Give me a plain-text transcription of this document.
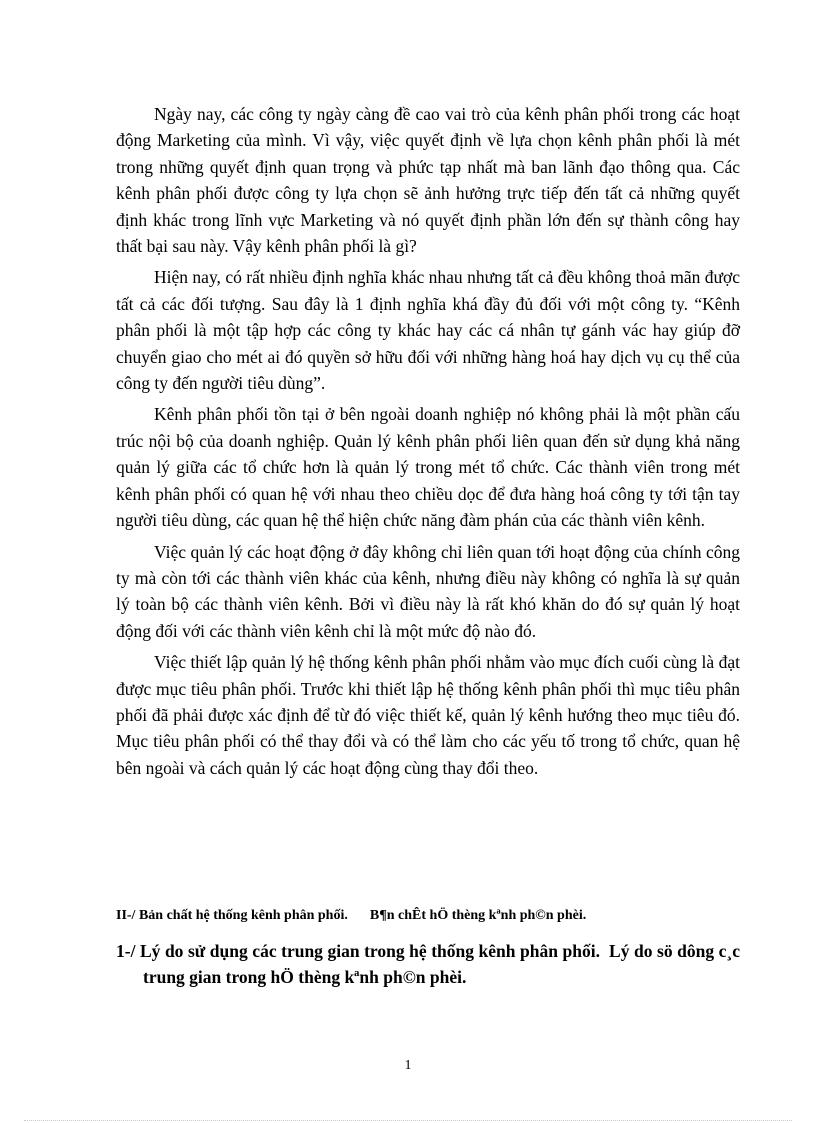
Ngày nay, các công ty ngày càng đề cao vai trò của kênh phân phối trong các hoạt động Marketing của mình. Vì vậy, việc quyết định về lựa chọn kênh phân phối là mét trong những quyết định quan trọng và phức tạp nhất mà ban lãnh đạo thông qua. Các kênh phân phối được công ty lựa chọn sẽ ảnh hưởng trực tiếp đến tất cả những quyết định khác trong lĩnh vực Marketing và nó quyết định phần lớn đến sự thành công hay thất bại sau này. Vậy kênh phân phối là gì?

Hiện nay, có rất nhiều định nghĩa khác nhau nhưng tất cả đều không thoả mãn được tất cả các đối tượng. Sau đây là 1 định nghĩa khá đầy đủ đối với một công ty. “Kênh phân phối là một tập hợp các công ty khác hay các cá nhân tự gánh vác hay giúp đỡ chuyển giao cho mét ai đó quyền sở hữu đối với những hàng hoá hay dịch vụ cụ thể của công ty đến người tiêu dùng”.

Kênh phân phối tồn tại ở bên ngoài doanh nghiệp nó không phải là một phần cấu trúc nội bộ của doanh nghiệp. Quản lý kênh phân phối liên quan đến sử dụng khả năng quản lý giữa các tổ chức hơn là quản lý trong mét tổ chức. Các thành viên trong mét kênh phân phối có quan hệ với nhau theo chiều dọc để đưa hàng hoá công ty tới tận tay người tiêu dùng, các quan hệ thể hiện chức năng đàm phán của các thành viên kênh.

Việc quản lý các hoạt động ở đây không chỉ liên quan tới hoạt động của chính công ty mà còn tới các thành viên khác của kênh, nhưng điều này không có nghĩa là sự quản lý toàn bộ các thành viên kênh. Bởi vì điều này là rất khó khăn do đó sự quản lý hoạt động đối với các thành viên kênh chỉ là một mức độ nào đó.

Việc thiết lập quản lý hệ thống kênh phân phối nhằm vào mục đích cuối cùng là đạt được mục tiêu phân phối. Trước khi thiết lập hệ thống kênh phân phối thì mục tiêu phân phối đã phải được xác định để từ đó việc thiết kế, quản lý kênh hướng theo mục tiêu đó. Mục tiêu phân phối có thể thay đổi và có thể làm cho các yếu tố trong tổ chức, quan hệ bên ngoài và cách quản lý các hoạt động cùng thay đổi theo.

II-/ Bản chất hệ thống kênh phân phối. B¶n chÊt hÖ thèng kªnh ph©n phèi.
1-/ Lý do sử dụng các trung gian trong hệ thống kênh phân phối. Lý do sö dông c¸c trung gian trong hÖ thèng kªnh ph©n phèi.
1
